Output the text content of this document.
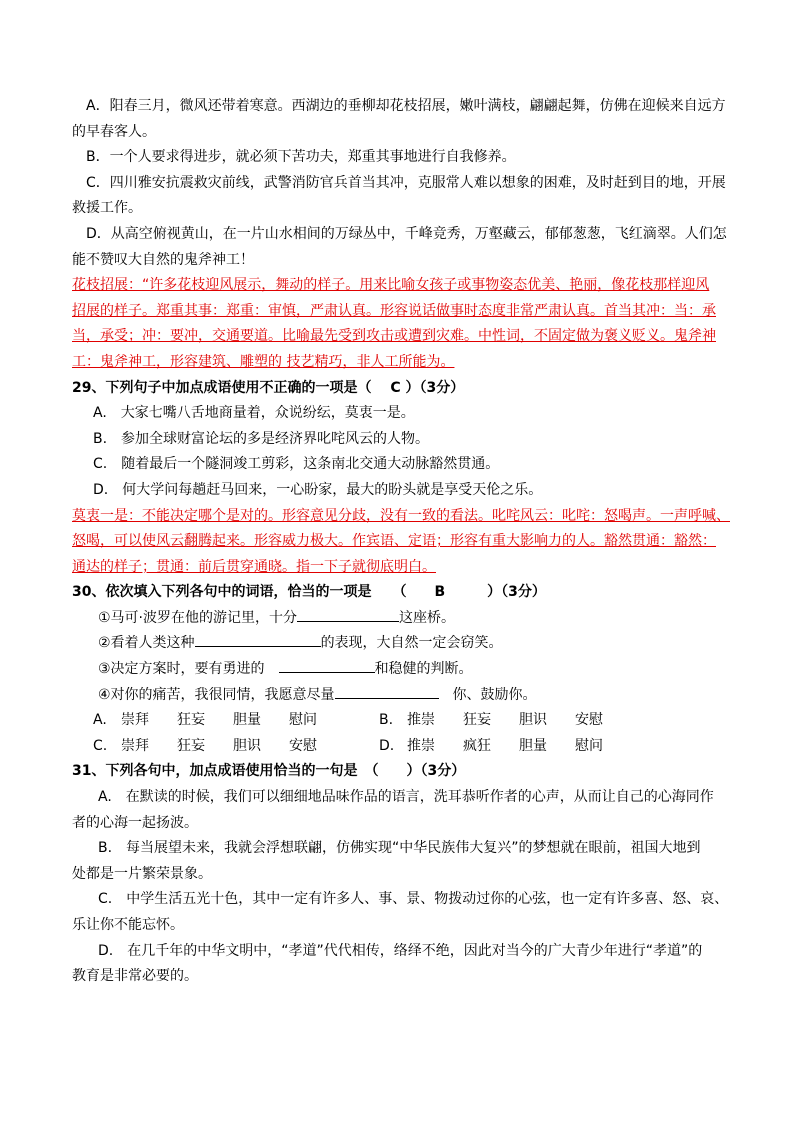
A．阳春三月，微风还带着寒意。西湖边的垂柳却花枝招展，嫩叶满枝，翩翩起舞，仿佛在迎候来自远方
的早春客人。
B．一个人要求得进步，就必须下苦功夫，郑重其事地进行自我修养。
C．四川雅安抗震救灾前线，武警消防官兵首当其冲，克服常人难以想象的困难，及时赶到目的地，开展
救援工作。
D．从高空俯视黄山，在一片山水相间的万绿丛中，千峰竞秀，万壑藏云，郁郁葱葱，飞红滴翠。人们怎
能不赞叹大自然的鬼斧神工！
花枝招展：“许多花枝迎风展示，舞动的样子。用来比喻女孩子或事物姿态优美、艳丽，像花枝那样迎风
招展的样子。郑重其事：郑重：审慎，严肃认真。形容说话做事时态度非常严肃认真。首当其冲：当：承
当，承受；冲：要冲，交通要道。比喻最先受到攻击或遭到灾难。中性词，不固定做为褒义贬义。鬼斧神
工：鬼斧神工，形容建筑、雕塑的 技艺精巧，非人工所能为。
29、下列句子中加点成语使用不正确的一项是（　 C ）（3分）
A.　大家七嘴八舌地商量着，众说纷纭，莫衷一是。
B.　参加全球财富论坛的多是经济界叱咤风云的人物。
C.　随着最后一个隧洞竣工剪彩，这条南北交通大动脉豁然贯通。
D.　何大学问每趟赶马回来，一心盼家，最大的盼头就是享受天伦之乐。
莫衷一是：不能决定哪个是对的。形容意见分歧，没有一致的看法。叱咤风云：叱咤：怒喝声。一声呼喊、
怒喝，可以使风云翻腾起来。形容威力极大。作宾语、定语；形容有重大影响力的人。豁然贯通：豁然：
通达的样子；贯通：前后贯穿通晓。指一下子就彻底明白。
30、依次填入下列各句中的词语，恰当的一项是　　（　　B　　　）（3分）
①马可·波罗在他的游记里，十分	这座桥。
②看着人类这种	的表现，大自然一定会窃笑。
③决定方案时，要有勇进的　	和稳健的判断。
④对你的痛苦，我很同情，我愿意尽量	　你、鼓励你。
A.	崇拜	狂妄	胆量	慰问	B. 推崇	狂妄	胆识	安慰
C. 崇拜	狂妄	胆识	安慰	D. 推崇	疯狂	胆量	慰问
31、下列各句中，加点成语使用恰当的一句是　（　　）（3分）
A.　在默读的时候，我们可以细细地品味作品的语言，洗耳恭听作者的心声，从而让自己的心海同作
者的心海一起扬波。
B.　每当展望未来，我就会浮想联翩，仿佛实现“中华民族伟大复兴”的梦想就在眼前，祖国大地到
处都是一片繁荣景象。
C.　中学生活五光十色，其中一定有许多人、事、景、物拨动过你的心弦，也一定有许多喜、怒、哀、
乐让你不能忘怀。
D.　在几千年的中华文明中，“孝道”代代相传，络绎不绝，因此对当今的广大青少年进行“孝道”的
教育是非常必要的。
